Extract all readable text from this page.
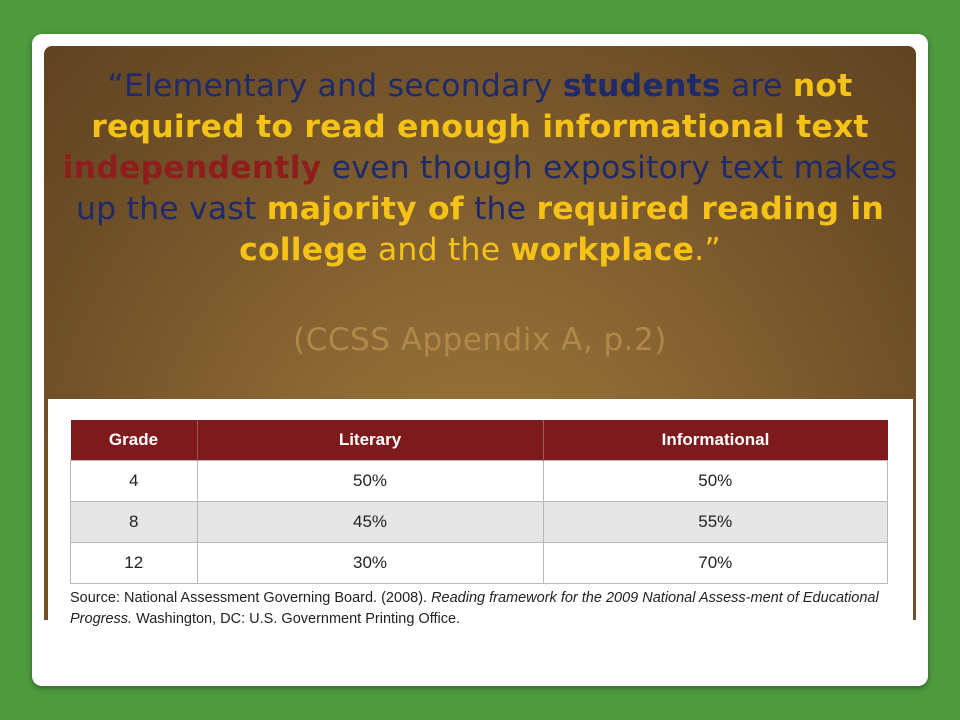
“Elementary and secondary students are not required to read enough informational text independently even though expository text makes up the vast majority of the required reading in college and the workplace.”
(CCSS Appendix A, p.2)
Grade	Literary	Informational
4	50%	50%
8	45%	55%
12	30%	70%
Source: National Assessment Governing Board. (2008). Reading framework for the 2009 National Assess-ment of Educational Progress. Washington, DC: U.S. Government Printing Office.
